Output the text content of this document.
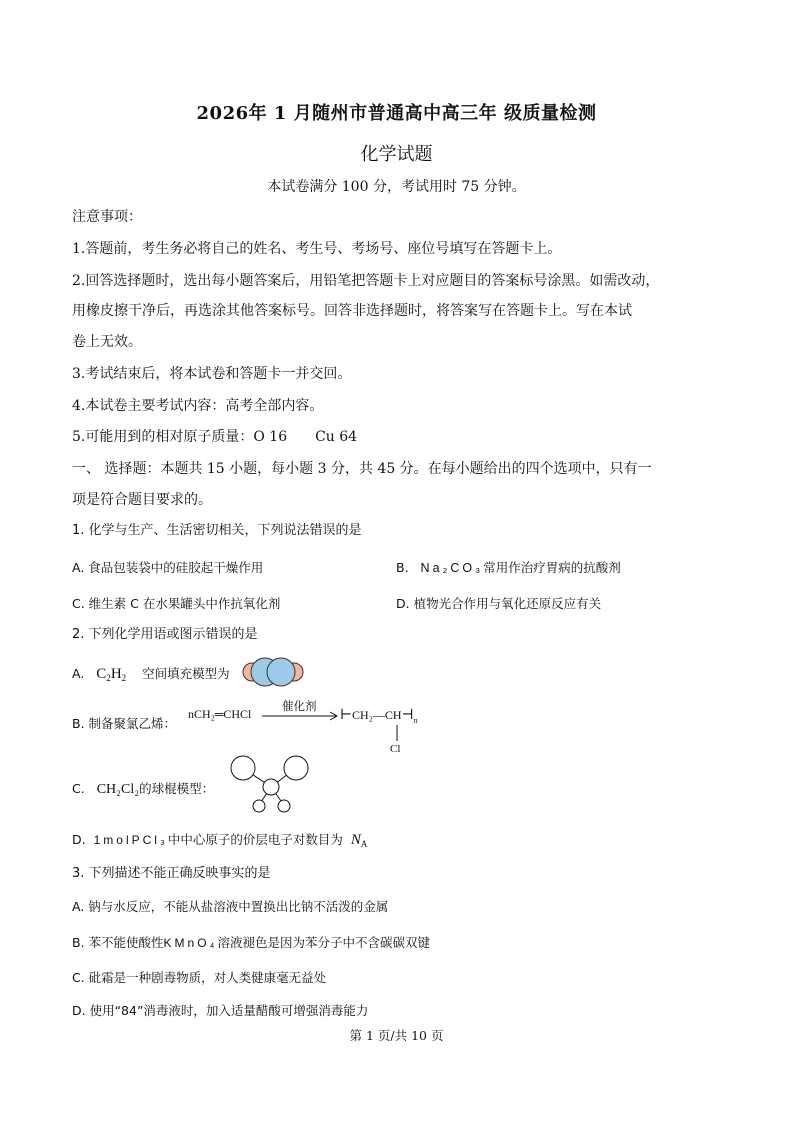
2026年 1 月随州市普通高中高三年 级质量检测
化学试题
本试卷满分 100 分，考试用时 75 分钟。
注意事项：
1.答题前，考生务必将自己的姓名、考生号、考场号、座位号填写在答题卡上。
2.回答选择题时，选出每小题答案后，用铅笔把答题卡上对应题目的答案标号涂黑。如需改动，
用橡皮擦干净后，再选涂其他答案标号。回答非选择题时，将答案写在答题卡上。写在本试
卷上无效。
3.考试结束后，将本试卷和答题卡一并交回。
4.本试卷主要考试内容：高考全部内容。
5.可能用到的相对原子质量：O 16　　Cu 64
一、 选择题：本题共 15 小题，每小题 3 分，共 45 分。在每小题给出的四个选项中，只有一
项是符合题目要求的。
1. 化学与生产、生活密切相关，下列说法错误的是
A. 食品包装袋中的硅胶起干燥作用	B. Na₂CO₃常用作治疗胃病的抗酸剂
C. 维生素 C 在水果罐头中作抗氧化剂	D. 植物光合作用与氧化还原反应有关
2. 下列化学用语或图示错误的是
A. $C_2H_2$ 空间填充模型为
B. 制备聚氯乙烯：
nCH₂═CHCl
催化剂
$⊢CH_2—CH⊣_n$
Cl
C. CH₂Cl₂的球棍模型：
D. 1molPCl₃中中心原子的价层电子对数目为 $N_A$
3. 下列描述不能正确反映事实的是
A. 钠与水反应，不能从盐溶液中置换出比钠不活泼的金属
B. 苯不能使酸性KMnO₄溶液褪色是因为苯分子中不含碳碳双键
C. 砒霜是一种剧毒物质，对人类健康毫无益处
D. 使用“84”消毒液时，加入适量醋酸可增强消毒能力
第 1 页/共 10 页
